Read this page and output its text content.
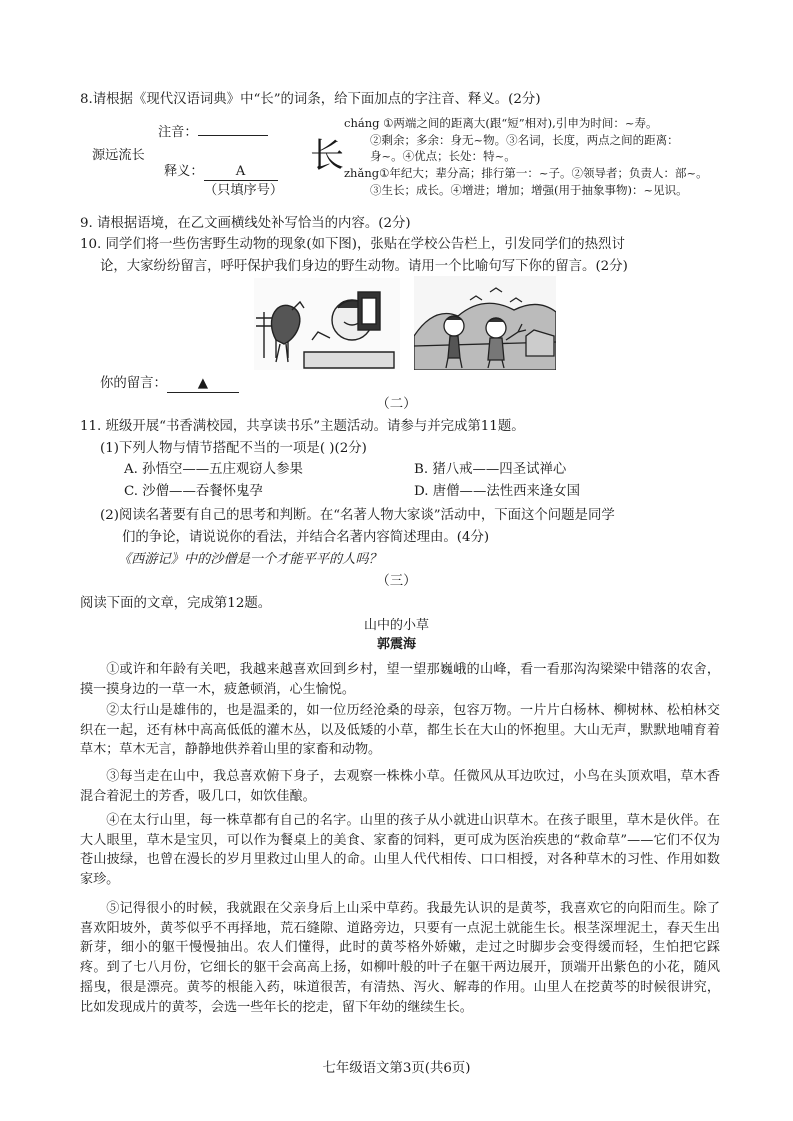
8.请根据《现代汉语词典》中“长”的词条，给下面加点的字注音、释义。(2分)
注音：
源远流长
释义： A
（只填序号）
长
cháng ①两端之间的距离大(跟“短”相对),引申为时间：~寿。
②剩余；多余：身无~物。③名词，长度，两点之间的距离：
身~。④优点；长处：特~。
zhǎng①年纪大；辈分高；排行第一：~子。②领导者；负责人：部~。
③生长；成长。④增进；增加；增强(用于抽象事物)：~见识。
9. 请根据语境，在乙文画横线处补写恰当的内容。(2分)
10. 同学们将一些伤害野生动物的现象(如下图)，张贴在学校公告栏上，引发同学们的热烈讨
论，大家纷纷留言，呼吁保护我们身边的野生动物。请用一个比喻句写下你的留言。(2分)
你的留言： ▲
（二）
11. 班级开展“书香满校园，共享读书乐”主题活动。请参与并完成第11题。
(1)下列人物与情节搭配不当的一项是( )(2分)
A. 孙悟空——五庄观窃人参果	B. 猪八戒——四圣试禅心
C. 沙僧——吞餐怀鬼孕	D. 唐僧——法性西来逢女国
(2)阅读名著要有自己的思考和判断。在“名著人物大家谈”活动中，下面这个问题是同学
们的争论，请说说你的看法，并结合名著内容简述理由。(4分)
《西游记》中的沙僧是一个才能平平的人吗？
（三）
阅读下面的文章，完成第12题。
山中的小草
郭震海
①或许和年龄有关吧，我越来越喜欢回到乡村，望一望那巍峨的山峰，看一看那沟沟梁梁中错落的农舍，摸一摸身边的一草一木，疲惫顿消，心生愉悦。
②太行山是雄伟的，也是温柔的，如一位历经沧桑的母亲，包容万物。一片片白杨林、柳树林、松柏林交织在一起，还有林中高高低低的灌木丛，以及低矮的小草，都生长在大山的怀抱里。大山无声，默默地哺育着草木；草木无言，静静地供养着山里的家畜和动物。
③每当走在山中，我总喜欢俯下身子，去观察一株株小草。任微风从耳边吹过，小鸟在头顶欢唱，草木香混合着泥土的芳香，吸几口，如饮佳酿。
④在太行山里，每一株草都有自己的名字。山里的孩子从小就进山识草木。在孩子眼里，草木是伙伴。在大人眼里，草木是宝贝，可以作为餐桌上的美食、家畜的饲料，更可成为医治疾患的“救命草”——它们不仅为苍山披绿，也曾在漫长的岁月里救过山里人的命。山里人代代相传、口口相授，对各种草木的习性、作用如数家珍。
⑤记得很小的时候，我就跟在父亲身后上山采中草药。我最先认识的是黄芩，我喜欢它的向阳而生。除了喜欢阳坡外，黄芩似乎不再择地，荒石缝隙、道路旁边，只要有一点泥土就能生长。根茎深埋泥土，春天生出新芽，细小的躯干慢慢抽出。农人们懂得，此时的黄芩格外娇嫩，走过之时脚步会变得缓而轻，生怕把它踩疼。到了七八月份，它细长的躯干会高高上扬，如柳叶般的叶子在躯干两边展开，顶端开出紫色的小花，随风摇曳，很是漂亮。黄芩的根能入药，味道很苦，有清热、泻火、解毒的作用。山里人在挖黄芩的时候很讲究，比如发现成片的黄芩，会选一些年长的挖走，留下年幼的继续生长。
七年级语文第3页(共6页)
